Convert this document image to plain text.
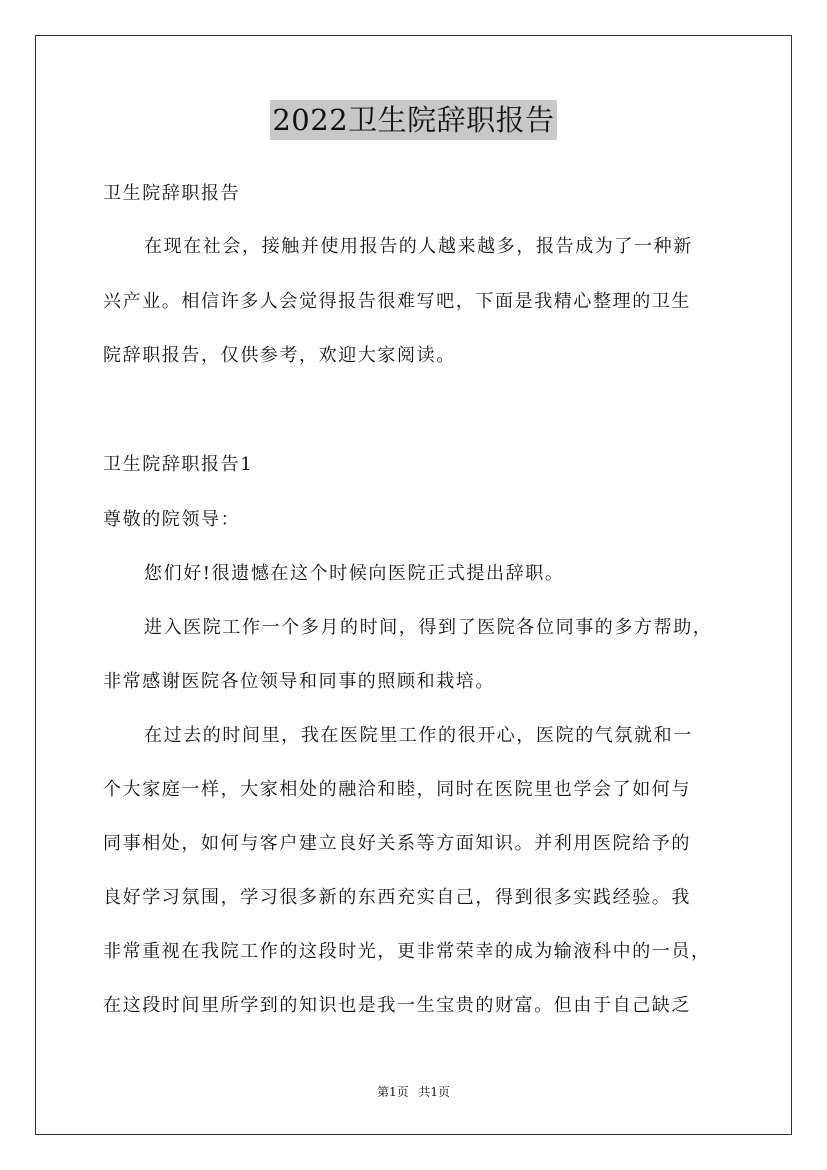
2022卫生院辞职报告
卫生院辞职报告
在现在社会，接触并使用报告的人越来越多，报告成为了一种新
兴产业。相信许多人会觉得报告很难写吧，下面是我精心整理的卫生
院辞职报告，仅供参考，欢迎大家阅读。
卫生院辞职报告1
尊敬的院领导：
您们好!很遗憾在这个时候向医院正式提出辞职。
进入医院工作一个多月的时间，得到了医院各位同事的多方帮助，
非常感谢医院各位领导和同事的照顾和栽培。
在过去的时间里，我在医院里工作的很开心，医院的气氛就和一
个大家庭一样，大家相处的融洽和睦，同时在医院里也学会了如何与
同事相处，如何与客户建立良好关系等方面知识。并利用医院给予的
良好学习氛围，学习很多新的东西充实自己，得到很多实践经验。我
非常重视在我院工作的这段时光，更非常荣幸的成为输液科中的一员，
在这段时间里所学到的知识也是我一生宝贵的财富。但由于自己缺乏
第1页 共1页
